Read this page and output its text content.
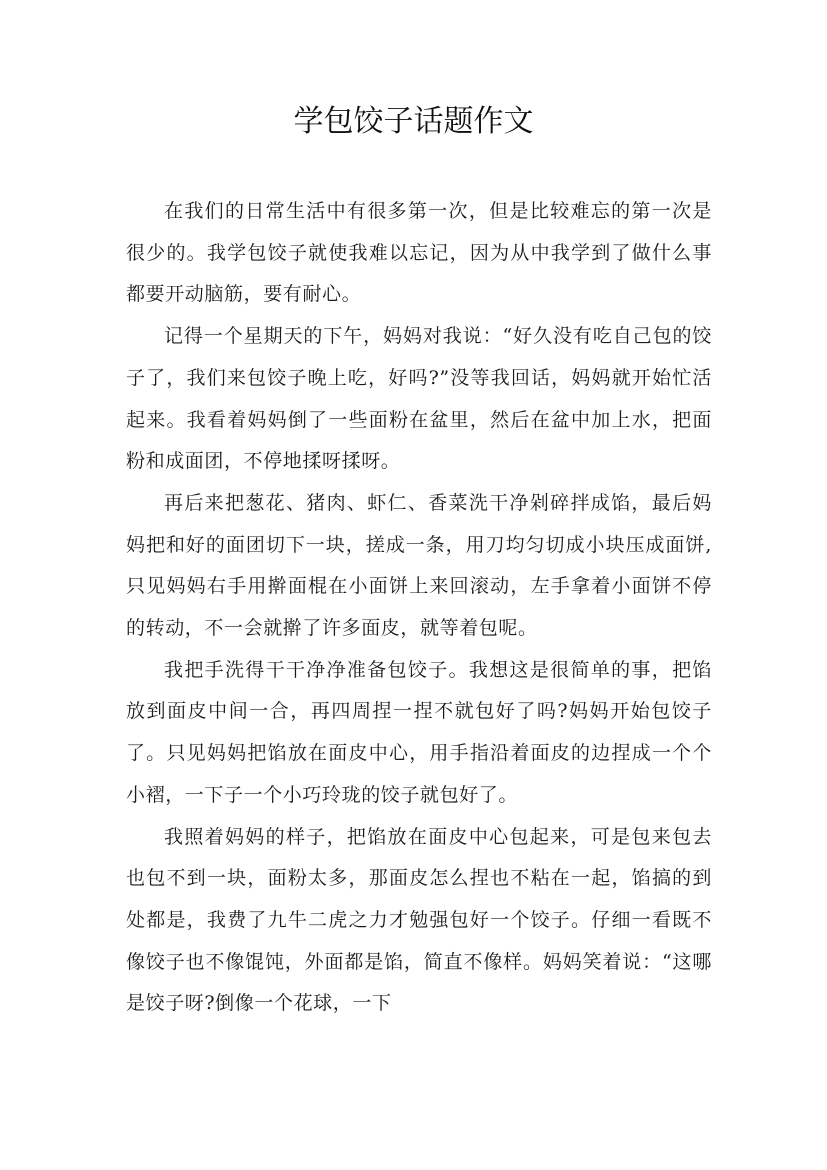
学包饺子话题作文

在我们的日常生活中有很多第一次，但是比较难忘的第一次是很少的。我学包饺子就使我难以忘记，因为从中我学到了做什么事都要开动脑筋，要有耐心。

记得一个星期天的下午，妈妈对我说：“好久没有吃自己包的饺子了，我们来包饺子晚上吃，好吗?”没等我回话，妈妈就开始忙活起来。我看着妈妈倒了一些面粉在盆里，然后在盆中加上水，把面粉和成面团，不停地揉呀揉呀。

再后来把葱花、猪肉、虾仁、香菜洗干净剁碎拌成馅，最后妈妈把和好的面团切下一块，搓成一条，用刀均匀切成小块压成面饼,只见妈妈右手用擀面棍在小面饼上来回滚动，左手拿着小面饼不停的转动，不一会就擀了许多面皮，就等着包呢。

我把手洗得干干净净准备包饺子。我想这是很简单的事，把馅放到面皮中间一合，再四周捏一捏不就包好了吗?妈妈开始包饺子了。只见妈妈把馅放在面皮中心，用手指沿着面皮的边捏成一个个小褶，一下子一个小巧玲珑的饺子就包好了。

我照着妈妈的样子，把馅放在面皮中心包起来，可是包来包去也包不到一块，面粉太多，那面皮怎么捏也不粘在一起，馅搞的到处都是，我费了九牛二虎之力才勉强包好一个饺子。仔细一看既不像饺子也不像馄饨，外面都是馅，简直不像样。妈妈笑着说：“这哪是饺子呀?倒像一个花球，一下
